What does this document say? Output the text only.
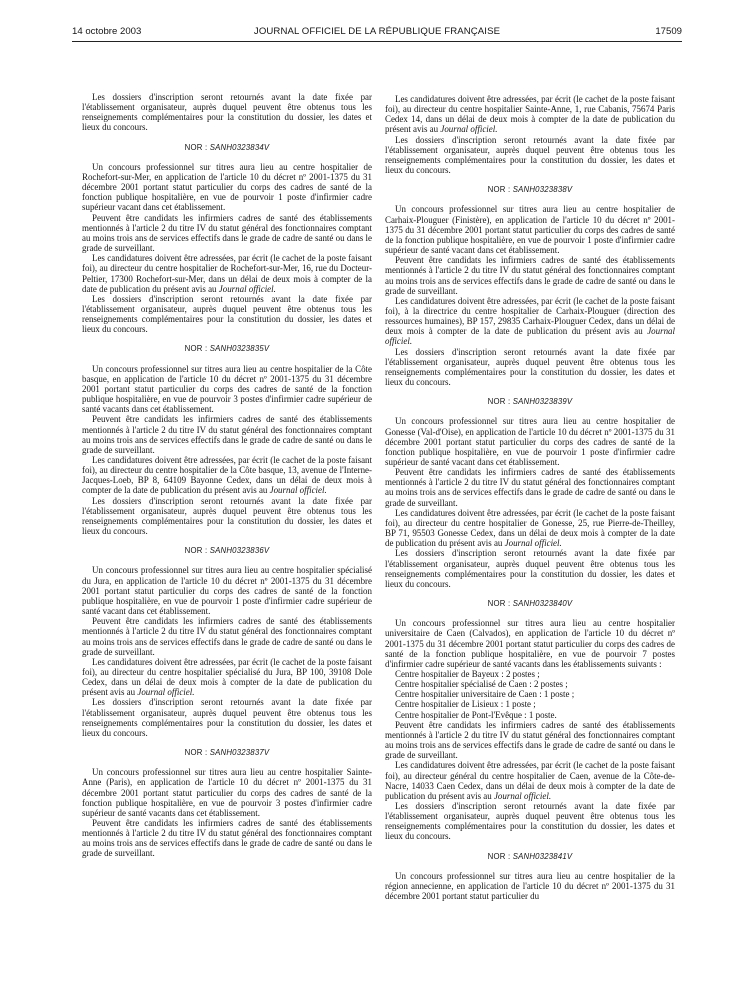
14 octobre 2003	JOURNAL OFFICIEL DE LA RÉPUBLIQUE FRANÇAISE	17509

Les dossiers d'inscription seront retournés avant la date fixée par l'établissement organisateur, auprès duquel peuvent être obtenus tous les renseignements complémentaires pour la constitution du dossier, les dates et lieux du concours.

NOR : SANH0323834V

Un concours professionnel sur titres aura lieu au centre hospitalier de Rochefort-sur-Mer, en application de l'article 10 du décret nº 2001-1375 du 31 décembre 2001 portant statut particulier du corps des cadres de santé de la fonction publique hospitalière, en vue de pourvoir 1 poste d'infirmier cadre supérieur vacant dans cet établissement.

Peuvent être candidats les infirmiers cadres de santé des établissements mentionnés à l'article 2 du titre IV du statut général des fonctionnaires comptant au moins trois ans de services effectifs dans le grade de cadre de santé ou dans le grade de surveillant.

Les candidatures doivent être adressées, par écrit (le cachet de la poste faisant foi), au directeur du centre hospitalier de Rochefort-sur-Mer, 16, rue du Docteur-Peltier, 17300 Rochefort-sur-Mer, dans un délai de deux mois à compter de la date de publication du présent avis au Journal officiel.

Les dossiers d'inscription seront retournés avant la date fixée par l'établissement organisateur, auprès duquel peuvent être obtenus tous les renseignements complémentaires pour la constitution du dossier, les dates et lieux du concours.

NOR : SANH0323835V

Un concours professionnel sur titres aura lieu au centre hospitalier de la Côte basque, en application de l'article 10 du décret nº 2001-1375 du 31 décembre 2001 portant statut particulier du corps des cadres de santé de la fonction publique hospitalière, en vue de pourvoir 3 postes d'infirmier cadre supérieur de santé vacants dans cet établissement.

Peuvent être candidats les infirmiers cadres de santé des établissements mentionnés à l'article 2 du titre IV du statut général des fonctionnaires comptant au moins trois ans de services effectifs dans le grade de cadre de santé ou dans le grade de surveillant.

Les candidatures doivent être adressées, par écrit (le cachet de la poste faisant foi), au directeur du centre hospitalier de la Côte basque, 13, avenue de l'Interne-Jacques-Loeb, BP 8, 64109 Bayonne Cedex, dans un délai de deux mois à compter de la date de publication du présent avis au Journal officiel.

Les dossiers d'inscription seront retournés avant la date fixée par l'établissement organisateur, auprès duquel peuvent être obtenus tous les renseignements complémentaires pour la constitution du dossier, les dates et lieux du concours.

NOR : SANH0323836V

Un concours professionnel sur titres aura lieu au centre hospitalier spécialisé du Jura, en application de l'article 10 du décret nº 2001-1375 du 31 décembre 2001 portant statut particulier du corps des cadres de santé de la fonction publique hospitalière, en vue de pourvoir 1 poste d'infirmier cadre supérieur de santé vacant dans cet établissement.

Peuvent être candidats les infirmiers cadres de santé des établissements mentionnés à l'article 2 du titre IV du statut général des fonctionnaires comptant au moins trois ans de services effectifs dans le grade de cadre de santé ou dans le grade de surveillant.

Les candidatures doivent être adressées, par écrit (le cachet de la poste faisant foi), au directeur du centre hospitalier spécialisé du Jura, BP 100, 39108 Dole Cedex, dans un délai de deux mois à compter de la date de publication du présent avis au Journal officiel.

Les dossiers d'inscription seront retournés avant la date fixée par l'établissement organisateur, auprès duquel peuvent être obtenus tous les renseignements complémentaires pour la constitution du dossier, les dates et lieux du concours.

NOR : SANH0323837V

Un concours professionnel sur titres aura lieu au centre hospitalier Sainte-Anne (Paris), en application de l'article 10 du décret nº 2001-1375 du 31 décembre 2001 portant statut particulier du corps des cadres de santé de la fonction publique hospitalière, en vue de pourvoir 3 postes d'infirmier cadre supérieur de santé vacants dans cet établissement.

Peuvent être candidats les infirmiers cadres de santé des établissements mentionnés à l'article 2 du titre IV du statut général des fonctionnaires comptant au moins trois ans de services effectifs dans le grade de cadre de santé ou dans le grade de surveillant.

Les candidatures doivent être adressées, par écrit (le cachet de la poste faisant foi), au directeur du centre hospitalier Sainte-Anne, 1, rue Cabanis, 75674 Paris Cedex 14, dans un délai de deux mois à compter de la date de publication du présent avis au Journal officiel.

Les dossiers d'inscription seront retournés avant la date fixée par l'établissement organisateur, auprès duquel peuvent être obtenus tous les renseignements complémentaires pour la constitution du dossier, les dates et lieux du concours.

NOR : SANH0323838V

Un concours professionnel sur titres aura lieu au centre hospitalier de Carhaix-Plouguer (Finistère), en application de l'article 10 du décret nº 2001-1375 du 31 décembre 2001 portant statut particulier du corps des cadres de santé de la fonction publique hospitalière, en vue de pourvoir 1 poste d'infirmier cadre supérieur de santé vacant dans cet établissement.

Peuvent être candidats les infirmiers cadres de santé des établissements mentionnés à l'article 2 du titre IV du statut général des fonctionnaires comptant au moins trois ans de services effectifs dans le grade de cadre de santé ou dans le grade de surveillant.

Les candidatures doivent être adressées, par écrit (le cachet de la poste faisant foi), à la directrice du centre hospitalier de Carhaix-Plouguer (direction des ressources humaines), BP 157, 29835 Carhaix-Plouguer Cedex, dans un délai de deux mois à compter de la date de publication du présent avis au Journal officiel.

Les dossiers d'inscription seront retournés avant la date fixée par l'établissement organisateur, auprès duquel peuvent être obtenus tous les renseignements complémentaires pour la constitution du dossier, les dates et lieux du concours.

NOR : SANH0323839V

Un concours professionnel sur titres aura lieu au centre hospitalier de Gonesse (Val-d'Oise), en application de l'article 10 du décret nº 2001-1375 du 31 décembre 2001 portant statut particulier du corps des cadres de santé de la fonction publique hospitalière, en vue de pourvoir 1 poste d'infirmier cadre supérieur de santé vacant dans cet établissement.

Peuvent être candidats les infirmiers cadres de santé des établissements mentionnés à l'article 2 du titre IV du statut général des fonctionnaires comptant au moins trois ans de services effectifs dans le grade de cadre de santé ou dans le grade de surveillant.

Les candidatures doivent être adressées, par écrit (le cachet de la poste faisant foi), au directeur du centre hospitalier de Gonesse, 25, rue Pierre-de-Theilley, BP 71, 95503 Gonesse Cedex, dans un délai de deux mois à compter de la date de publication du présent avis au Journal officiel.

Les dossiers d'inscription seront retournés avant la date fixée par l'établissement organisateur, auprès duquel peuvent être obtenus tous les renseignements complémentaires pour la constitution du dossier, les dates et lieux du concours.

NOR : SANH0323840V

Un concours professionnel sur titres aura lieu au centre hospitalier universitaire de Caen (Calvados), en application de l'article 10 du décret nº 2001-1375 du 31 décembre 2001 portant statut particulier du corps des cadres de santé de la fonction publique hospitalière, en vue de pourvoir 7 postes d'infirmier cadre supérieur de santé vacants dans les établissements suivants :

Centre hospitalier de Bayeux : 2 postes ;
Centre hospitalier spécialisé de Caen : 2 postes ;
Centre hospitalier universitaire de Caen : 1 poste ;
Centre hospitalier de Lisieux : 1 poste ;
Centre hospitalier de Pont-l'Evêque : 1 poste.

Peuvent être candidats les infirmiers cadres de santé des établissements mentionnés à l'article 2 du titre IV du statut général des fonctionnaires comptant au moins trois ans de services effectifs dans le grade de cadre de santé ou dans le grade de surveillant.

Les candidatures doivent être adressées, par écrit (le cachet de la poste faisant foi), au directeur général du centre hospitalier de Caen, avenue de la Côte-de-Nacre, 14033 Caen Cedex, dans un délai de deux mois à compter de la date de publication du présent avis au Journal officiel.

Les dossiers d'inscription seront retournés avant la date fixée par l'établissement organisateur, auprès duquel peuvent être obtenus tous les renseignements complémentaires pour la constitution du dossier, les dates et lieux du concours.

NOR : SANH0323841V

Un concours professionnel sur titres aura lieu au centre hospitalier de la région annecienne, en application de l'article 10 du décret nº 2001-1375 du 31 décembre 2001 portant statut particulier du
